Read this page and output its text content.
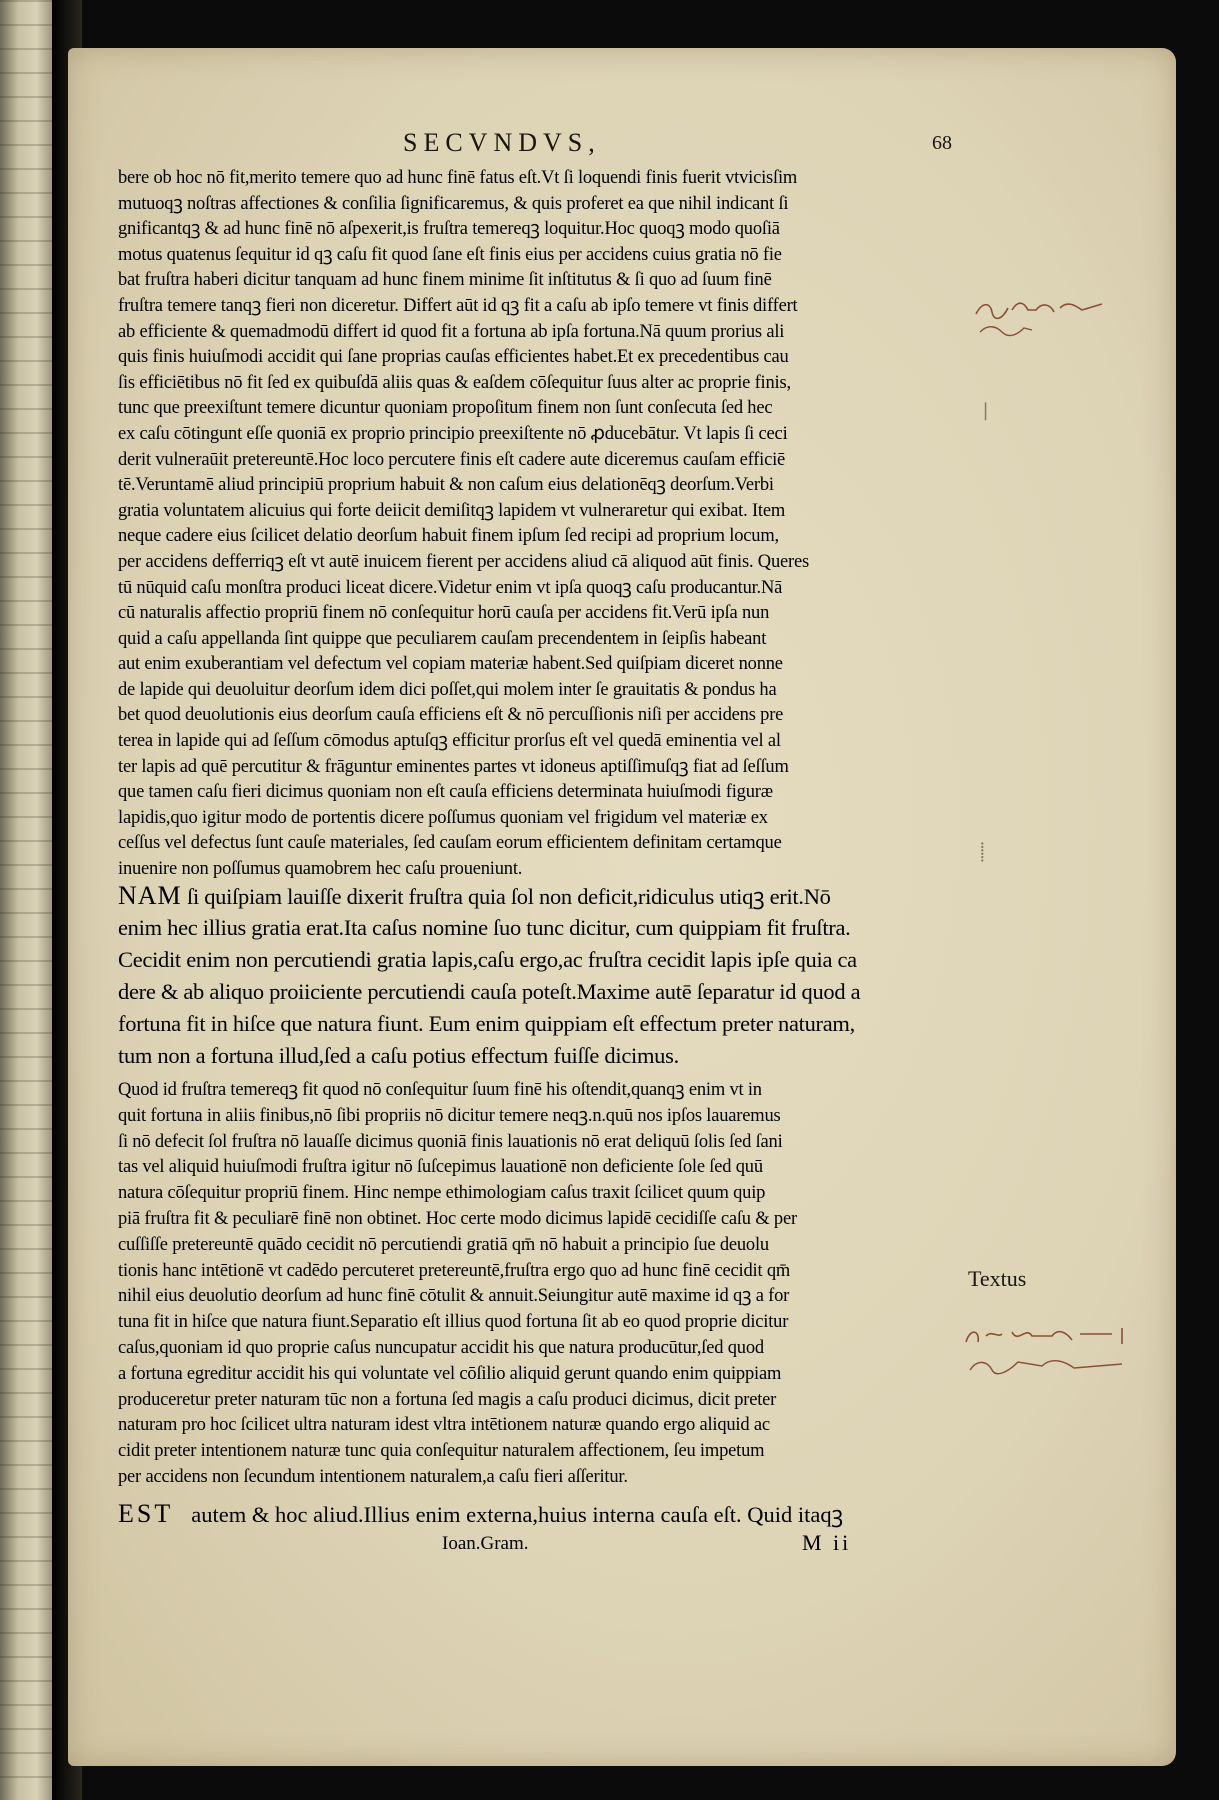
SECVNDVS,	68
bere ob hoc nō fit,merito temere quo ad hunc finē fatus eſt.Vt ſi loquendi finis fuerit vtvicisſim
mutuoqꝫ noſtras affectiones & conſilia ſignificaremus, & quis proferet ea que nihil indicant ſi
gnificantqꝫ & ad hunc finē nō aſpexerit,is fruſtra temereqꝫ loquitur.Hoc quoqꝫ modo quoſiā
motus quatenus ſequitur id qꝫ caſu fit quod ſane eſt finis eius per accidens cuius gratia nō fie
bat fruſtra haberi dicitur tanquam ad hunc finem minime ſit inſtitutus & ſi quo ad ſuum finē
fruſtra temere tanqꝫ fieri non diceretur. Differt aūt id qꝫ fit a caſu ab ipſo temere vt finis differt
ab efficiente & quemadmodū differt id quod fit a fortuna ab ipſa fortuna.Nā quum prorius ali
quis finis huiuſmodi accidit qui ſane proprias cauſas efficientes habet.Et ex precedentibus cau
ſis efficiētibus nō fit ſed ex quibuſdā aliis quas & eaſdem cōſequitur ſuus alter ac proprie finis,
tunc que preexiſtunt temere dicuntur quoniam propoſitum finem non ſunt conſecuta ſed hec
ex caſu cōtingunt eſſe quoniā ex proprio principio preexiſtente nō ꝓducebātur. Vt lapis ſi ceci
derit vulneraūit pretereuntē.Hoc loco percutere finis eſt cadere aute diceremus cauſam efficiē
tē.Veruntamē aliud principiū proprium habuit & non caſum eius delationēqꝫ deorſum.Verbi
gratia voluntatem alicuius qui forte deiicit demiſitqꝫ lapidem vt vulneraretur qui exibat. Item
neque cadere eius ſcilicet delatio deorſum habuit finem ipſum ſed recipi ad proprium locum,
per accidens defferriqꝫ eſt vt autē inuicem fierent per accidens aliud cā aliquod aūt finis. Queres
tū nūquid caſu monſtra produci liceat dicere.Videtur enim vt ipſa quoqꝫ caſu producantur.Nā
cū naturalis affectio propriū finem nō conſequitur horū cauſa per accidens fit.Verū ipſa nun
quid a caſu appellanda ſint quippe que peculiarem cauſam precendentem in ſeipſis habeant
aut enim exuberantiam vel defectum vel copiam materiæ habent.Sed quiſpiam diceret nonne
de lapide qui deuoluitur deorſum idem dici poſſet,qui molem inter ſe grauitatis & pondus ha
bet quod deuolutionis eius deorſum cauſa efficiens eſt & nō percuſſionis niſi per accidens pre
terea in lapide qui ad ſeſſum cōmodus aptuſqꝫ efficitur prorſus eſt vel quedā eminentia vel al
ter lapis ad quē percutitur & frāguntur eminentes partes vt idoneus aptiſſimuſqꝫ fiat ad ſeſſum
que tamen caſu fieri dicimus quoniam non eſt cauſa efficiens determinata huiuſmodi figuræ
lapidis,quo igitur modo de portentis dicere poſſumus quoniam vel frigidum vel materiæ ex
ceſſus vel defectus ſunt cauſe materiales, ſed cauſam eorum efficientem definitam certamque
inuenire non poſſumus quamobrem hec caſu proueniunt.
NAM ſi quiſpiam lauiſſe dixerit fruſtra quia ſol non deficit,ridiculus utiqꝫ erit.Nō
enim hec illius gratia erat.Ita caſus nomine ſuo tunc dicitur, cum quippiam fit fruſtra.
Cecidit enim non percutiendi gratia lapis,caſu ergo,ac fruſtra cecidit lapis ipſe quia ca
dere & ab aliquo proiiciente percutiendi cauſa poteſt.Maxime autē ſeparatur id quod a
fortuna fit in hiſce que natura fiunt. Eum enim quippiam eſt effectum preter naturam,
tum non a fortuna illud,ſed a caſu potius effectum fuiſſe dicimus.
Quod id fruſtra temereqꝫ fit quod nō conſequitur ſuum finē his oſtendit,quanqꝫ enim vt in
quit fortuna in aliis finibus,nō ſibi propriis nō dicitur temere neqꝫ.n.quū nos ipſos lauaremus
ſi nō defecit ſol fruſtra nō lauaſſe dicimus quoniā finis lauationis nō erat deliquū ſolis ſed ſani
tas vel aliquid huiuſmodi fruſtra igitur nō ſuſcepimus lauationē non deficiente ſole ſed quū
natura cōſequitur propriū finem. Hinc nempe ethimologiam caſus traxit ſcilicet quum quip
piā fruſtra fit & peculiarē finē non obtinet. Hoc certe modo dicimus lapidē cecidiſſe caſu & per
cuſſiſſe pretereuntē quādo cecidit nō percutiendi gratiā qm̄ nō habuit a principio ſue deuolu
tionis hanc intētionē vt cadēdo percuteret pretereuntē,fruſtra ergo quo ad hunc finē cecidit qm̄
nihil eius deuolutio deorſum ad hunc finē cōtulit & annuit.Seiungitur autē maxime id qꝫ a for
tuna fit in hiſce que natura fiunt.Separatio eſt illius quod fortuna ſit ab eo quod proprie dicitur
caſus,quoniam id quo proprie caſus nuncupatur accidit his que natura producūtur,ſed quod
a fortuna egreditur accidit his qui voluntate vel cōſilio aliquid gerunt quando enim quippiam
produceretur preter naturam tūc non a fortuna ſed magis a caſu produci dicimus, dicit preter
naturam pro hoc ſcilicet ultra naturam idest vltra intētionem naturæ quando ergo aliquid ac
cidit preter intentionem naturæ tunc quia conſequitur naturalem affectionem, ſeu impetum
per accidens non ſecundum intentionem naturalem,a caſu fieri aſſeritur.
EST autem & hoc aliud.Illius enim externa,huius interna cauſa eſt. Quid itaqꝫ
Ioan.Gram.	M ii
Textus
❘
⸽
